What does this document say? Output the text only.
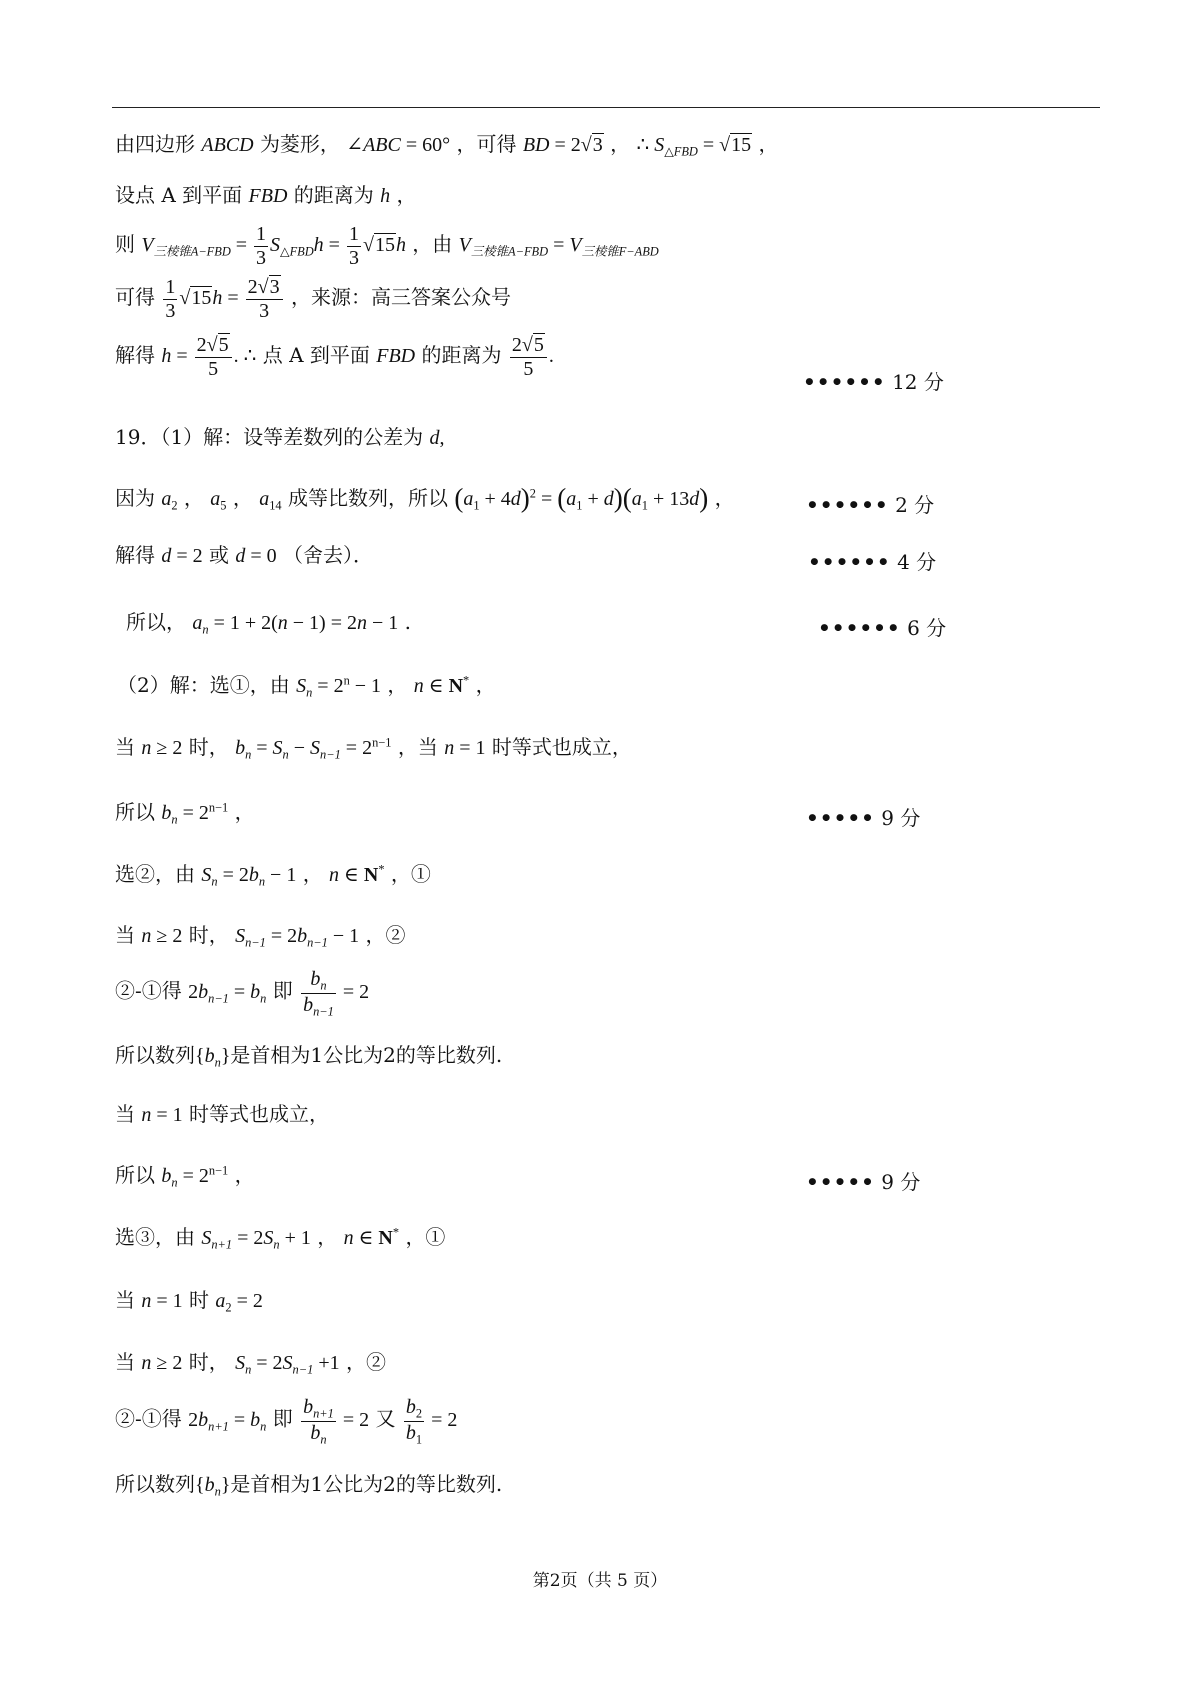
由四边形 ABCD 为菱形， ∠ABC = 60° ，可得 BD = 2√3 ， ∴ $S_{\triangle FBD} = √15$ ，
设点 A 到平面 FBD 的距离为 h ，
则 $V_{三棱锥A-FBD} = \frac{1}{3} S_{\triangle FBD}h = \frac{1}{3} √15h$ ，由 $V_{三棱锥A-FBD} = V_{三棱锥F-ABD}$
可得 $\frac{1}{3} √15h = \frac{2√3}{3}$ ，来源：高三答案公众号
解得 $h = \frac{2√5}{5}$ . ∴ 点 A 到平面 FBD 的距离为 $\frac{2√5}{5}$ .
•••••• 12 分
19．（1）解：设等差数列的公差为 d,
因为 $a_2$ ， $a_5$ ， $a_{14}$ 成等比数列，所以 $(a_1 + 4d)^2 = (a_1 + d)(a_1 + 13d)$ ，	•••••• 2 分
解得 d = 2 或 d = 0 （舍去）．	•••••• 4 分
所以， $a_n = 1 + 2(n - 1) = 2n - 1$ .	•••••• 6 分
（2）解：选①，由 $S_n = 2^n - 1$ ， n ∈ N* ，
当 n ≥ 2 时， $b_n = S_n - S_{n-1} = 2^{n-1}$ ，当 n = 1 时等式也成立，
所以 $b_n = 2^{n-1}$ ，	••••• 9 分
选②，由 $S_n = 2b_n - 1$ ， n ∈ N* ，①
当 n ≥ 2 时， $S_{n-1} = 2b_{n-1} - 1$ ，②
②-①得 $2b_{n-1} = b_n$ 即 $\frac{b_n}{b_{n-1}} = 2$
所以数列$\{b_n\}$是首相为1公比为2的等比数列.
当 n = 1 时等式也成立，
所以 $b_n = 2^{n-1}$ ，	••••• 9 分
选③，由 $S_{n+1} = 2S_n + 1$ ， n ∈ N* ，①
当 n = 1 时 $a_2 = 2$
当 n ≥ 2 时， $S_n = 2S_{n-1} +1$ ，②
②-①得 $2b_{n+1} = b_n$ 即 $\frac{b_{n+1}}{b_n} = 2$ 又 $\frac{b_2}{b_1} = 2$
所以数列$\{b_n\}$是首相为1公比为2的等比数列.
第2页（共 5 页）
